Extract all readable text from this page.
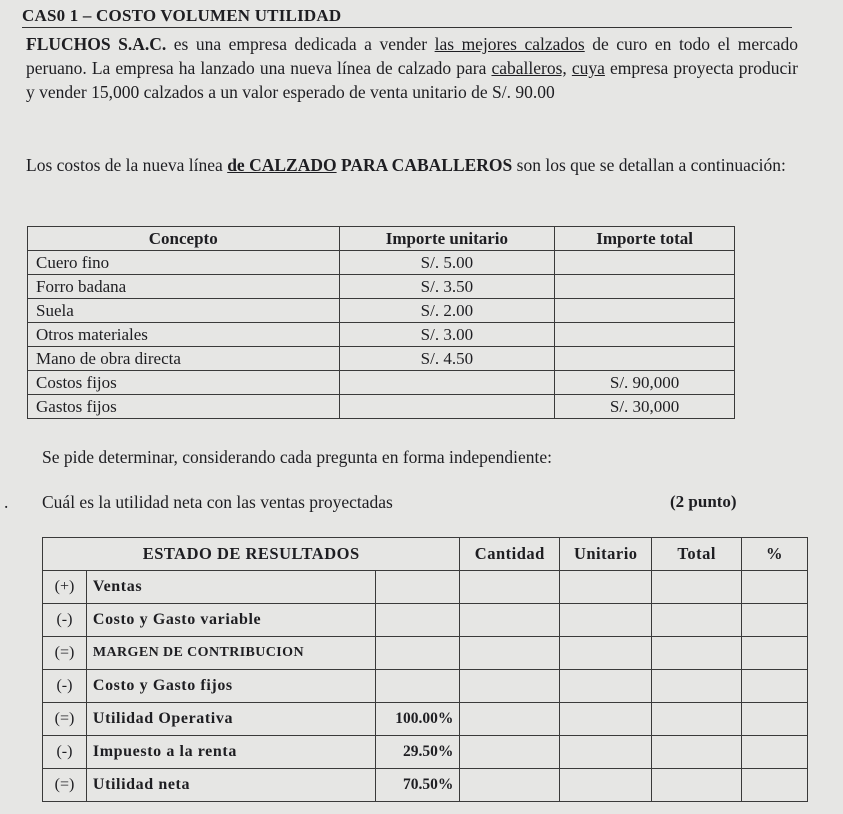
CAS0 1 – COSTO VOLUMEN UTILIDAD
FLUCHOS S.A.C. es una empresa dedicada a vender las mejores calzados de curo en todo el mercado peruano. La empresa ha lanzado una nueva línea de calzado para caballeros, cuya empresa proyecta producir y vender 15,000 calzados a un valor esperado de venta unitario de S/. 90.00
Los costos de la nueva línea de CALZADO PARA CABALLEROS son los que se detallan a continuación:
Concepto	Importe unitario	Importe total
Cuero fino	S/. 5.00	
Forro badana	S/. 3.50	
Suela	S/. 2.00	
Otros materiales	S/. 3.00	
Mano de obra directa	S/. 4.50	
Costos fijos		S/. 90,000
Gastos fijos		S/. 30,000
Se pide determinar, considerando cada pregunta en forma independiente:
. Cuál es la utilidad neta con las ventas proyectadas	(2 punto)
ESTADO DE RESULTADOS			Cantidad	Unitario	Total	%
(+)	Ventas					
(-)	Costo y Gasto variable					
(=)	MARGEN DE CONTRIBUCION					
(-)	Costo y Gasto fijos					
(=)	Utilidad Operativa	100.00%				
(-)	Impuesto a la renta	29.50%				
(=)	Utilidad neta	70.50%				
